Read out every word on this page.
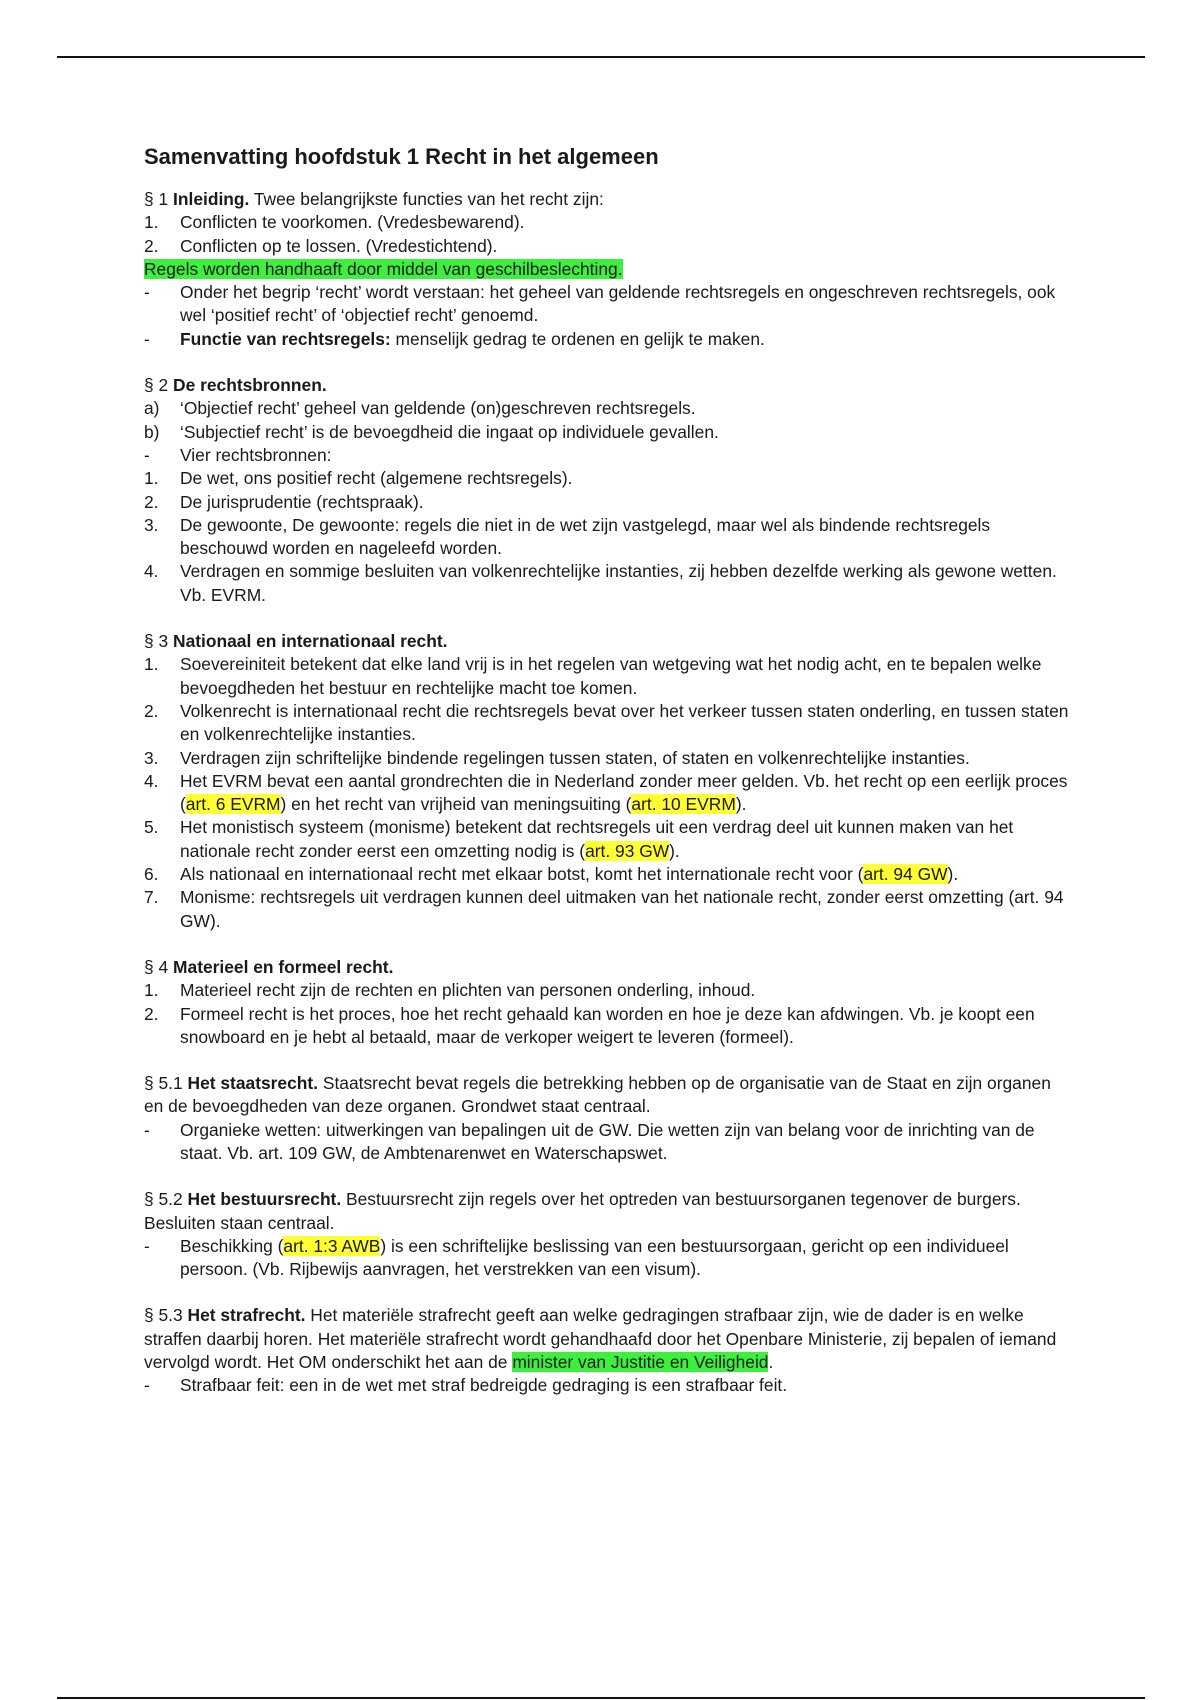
Samenvatting hoofdstuk 1 Recht in het algemeen
§ 1 Inleiding. Twee belangrijkste functies van het recht zijn:
1.	Conflicten te voorkomen. (Vredesbewarend).
2.	Conflicten op te lossen. (Vredestichtend).
Regels worden handhaaft door middel van geschilbeslechting.
-	Onder het begrip ‘recht’ wordt verstaan: het geheel van geldende rechtsregels en ongeschreven rechtsregels, ook wel ‘positief recht’ of ‘objectief recht’ genoemd.
-	Functie van rechtsregels: menselijk gedrag te ordenen en gelijk te maken.
§ 2 De rechtsbronnen.
a)	‘Objectief recht’ geheel van geldende (on)geschreven rechtsregels.
b)	‘Subjectief recht’ is de bevoegdheid die ingaat op individuele gevallen.
-	Vier rechtsbronnen:
1.	De wet, ons positief recht (algemene rechtsregels).
2.	De jurisprudentie (rechtspraak).
3.	De gewoonte, De gewoonte: regels die niet in de wet zijn vastgelegd, maar wel als bindende rechtsregels beschouwd worden en nageleefd worden.
4.	Verdragen en sommige besluiten van volkenrechtelijke instanties, zij hebben dezelfde werking als gewone wetten. Vb. EVRM.
§ 3 Nationaal en internationaal recht.
1.	Soevereiniteit betekent dat elke land vrij is in het regelen van wetgeving wat het nodig acht, en te bepalen welke bevoegdheden het bestuur en rechtelijke macht toe komen.
2.	Volkenrecht is internationaal recht die rechtsregels bevat over het verkeer tussen staten onderling, en tussen staten en volkenrechtelijke instanties.
3.	Verdragen zijn schriftelijke bindende regelingen tussen staten, of staten en volkenrechtelijke instanties.
4.	Het EVRM bevat een aantal grondrechten die in Nederland zonder meer gelden. Vb. het recht op een eerlijk proces (art. 6 EVRM) en het recht van vrijheid van meningsuiting (art. 10 EVRM).
5.	Het monistisch systeem (monisme) betekent dat rechtsregels uit een verdrag deel uit kunnen maken van het nationale recht zonder eerst een omzetting nodig is (art. 93 GW).
6.	Als nationaal en internationaal recht met elkaar botst, komt het internationale recht voor (art. 94 GW).
7.	Monisme: rechtsregels uit verdragen kunnen deel uitmaken van het nationale recht, zonder eerst omzetting (art. 94 GW).
§ 4 Materieel en formeel recht.
1.	Materieel recht zijn de rechten en plichten van personen onderling, inhoud.
2.	Formeel recht is het proces, hoe het recht gehaald kan worden en hoe je deze kan afdwingen. Vb. je koopt een snowboard en je hebt al betaald, maar de verkoper weigert te leveren (formeel).
§ 5.1 Het staatsrecht. Staatsrecht bevat regels die betrekking hebben op de organisatie van de Staat en zijn organen en de bevoegdheden van deze organen. Grondwet staat centraal.
-	Organieke wetten: uitwerkingen van bepalingen uit de GW. Die wetten zijn van belang voor de inrichting van de staat. Vb. art. 109 GW, de Ambtenarenwet en Waterschapswet.
§ 5.2 Het bestuursrecht. Bestuursrecht zijn regels over het optreden van bestuursorganen tegenover de burgers. Besluiten staan centraal.
-	Beschikking (art. 1:3 AWB) is een schriftelijke beslissing van een bestuursorgaan, gericht op een individueel persoon. (Vb. Rijbewijs aanvragen, het verstrekken van een visum).
§ 5.3 Het strafrecht. Het materiële strafrecht geeft aan welke gedragingen strafbaar zijn, wie de dader is en welke straffen daarbij horen. Het materiële strafrecht wordt gehandhaafd door het Openbare Ministerie, zij bepalen of iemand vervolgd wordt. Het OM onderschikt het aan de minister van Justitie en Veiligheid.
-	Strafbaar feit: een in de wet met straf bedreigde gedraging is een strafbaar feit.
